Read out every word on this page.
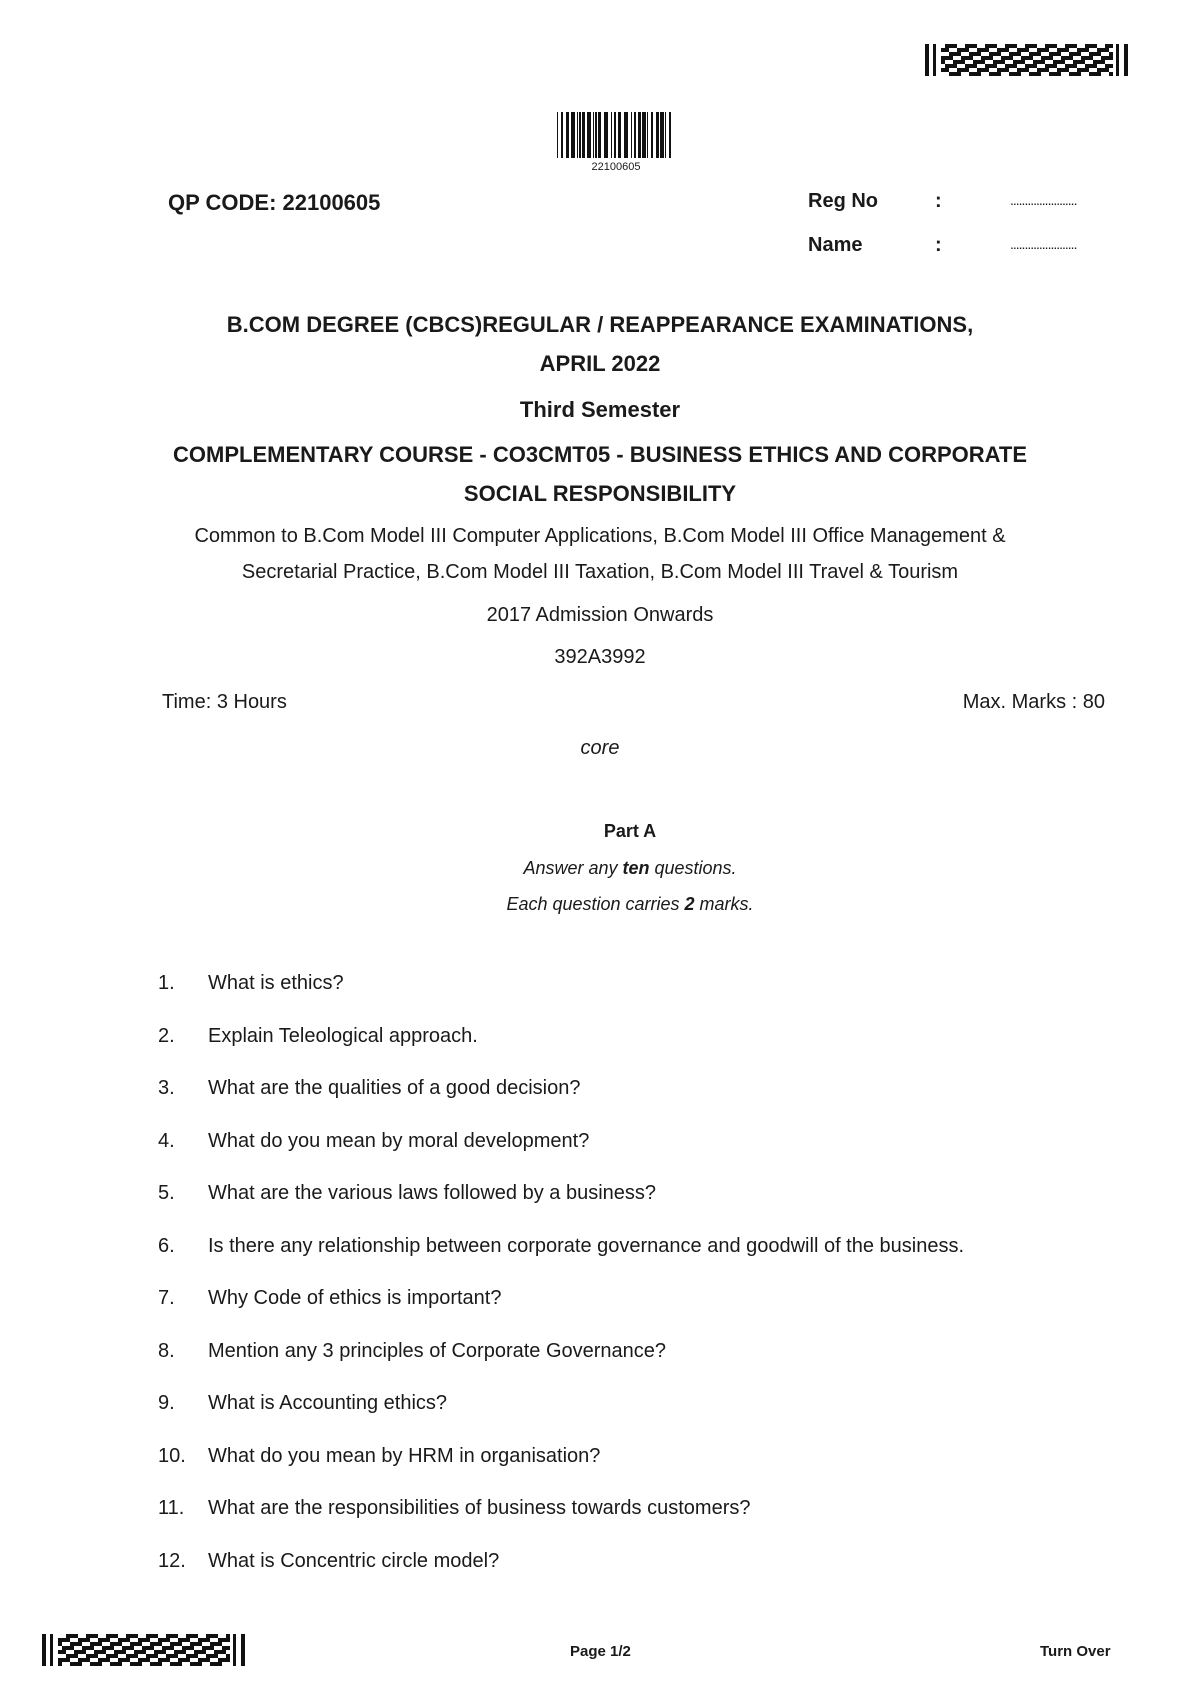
22100605
QP CODE: 22100605	Reg No	:	.......................
Name	:	.......................
B.COM DEGREE (CBCS)REGULAR / REAPPEARANCE EXAMINATIONS,
APRIL 2022
Third Semester
COMPLEMENTARY COURSE - CO3CMT05 - BUSINESS ETHICS AND CORPORATE
SOCIAL RESPONSIBILITY
Common to B.Com Model III Computer Applications, B.Com Model III Office Management &
Secretarial Practice, B.Com Model III Taxation, B.Com Model III Travel & Tourism
2017 Admission Onwards
392A3992
Time: 3 Hours	Max. Marks : 80
core
Part A
Answer any ten questions.
Each question carries 2 marks.
1. What is ethics?
2. Explain Teleological approach.
3. What are the qualities of a good decision?
4. What do you mean by moral development?
5. What are the various laws followed by a business?
6. Is there any relationship between corporate governance and goodwill of the business.
7. Why Code of ethics is important?
8. Mention any 3 principles of Corporate Governance?
9. What is Accounting ethics?
10. What do you mean by HRM in organisation?
11. What are the responsibilities of business towards customers?
12. What is Concentric circle model?
Page 1/2	Turn Over
